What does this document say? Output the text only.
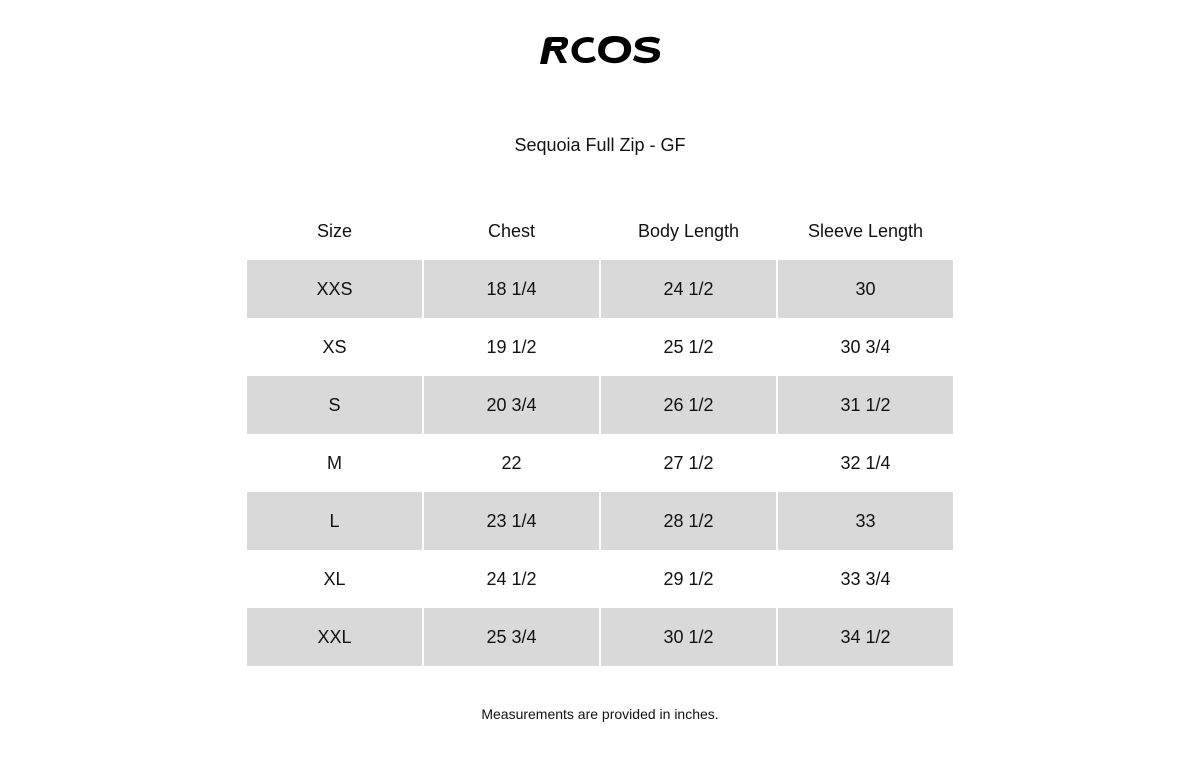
Sequoia Full Zip - GF
Size	Chest	Body Length	Sleeve Length
XXS	18 1/4	24 1/2	30
XS	19 1/2	25 1/2	30 3/4
S	20 3/4	26 1/2	31 1/2
M	22	27 1/2	32 1/4
L	23 1/4	28 1/2	33
XL	24 1/2	29 1/2	33 3/4
XXL	25 3/4	30 1/2	34 1/2
Measurements are provided in inches.
